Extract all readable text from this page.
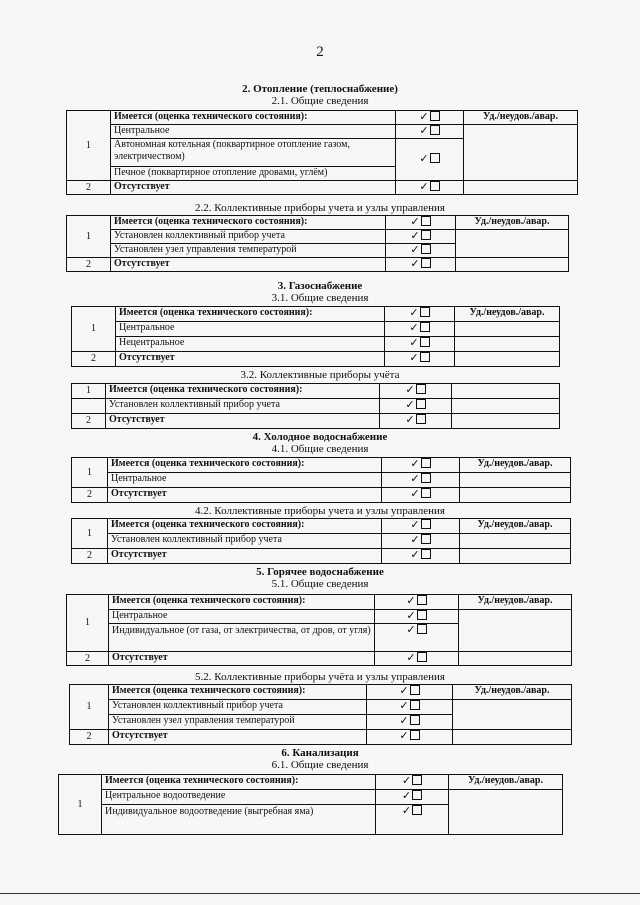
2
2. Отопление (теплоснабжение)
2.1. Общие сведения
1	Имеется (оценка технического состояния):	✓	Уд./неудов./авар.
	Центральное	✓	
	Автономная котельная (поквартирное отопление газом, электричеством)	✓	
	Печное (поквартирное отопление дровами, углём)		
2	Отсутствует	✓	
2.2. Коллективные приборы учета и узлы управления
1	Имеется (оценка технического состояния):	✓	Уд./неудов./авар.
	Установлен коллективный прибор учета	✓	
	Установлен узел управления температурой	✓	
2	Отсутствует	✓	
3. Газоснабжение
3.1. Общие сведения
1	Имеется (оценка технического состояния):	✓	Уд./неудов./авар.
	Центральное	✓	
	Нецентральное	✓	
2	Отсутствует	✓	
3.2. Коллективные приборы учёта
1	Имеется (оценка технического состояния):	✓	
	Установлен коллективный прибор учета	✓	
2	Отсутствует	✓	
4. Холодное водоснабжение
4.1. Общие сведения
1	Имеется (оценка технического состояния):	✓	Уд./неудов./авар.
	Центральное	✓	
2	Отсутствует	✓	
4.2. Коллективные приборы учета и узлы управления
1	Имеется (оценка технического состояния):	✓	Уд./неудов./авар.
	Установлен коллективный прибор учета	✓	
2	Отсутствует	✓	
5. Горячее водоснабжение
5.1. Общие сведения
1	Имеется (оценка технического состояния):	✓	Уд./неудов./авар.
	Центральное	✓	
	Индивидуальное (от газа, от электричества, от дров, от угля)	✓	
2	Отсутствует	✓	
5.2. Коллективные приборы учёта и узлы управления
1	Имеется (оценка технического состояния):	✓	Уд./неудов./авар.
	Установлен коллективный прибор учета	✓	
	Установлен узел управления температурой	✓	
2	Отсутствует	✓	
6. Канализация
6.1. Общие сведения
1	Имеется (оценка технического состояния):	✓	Уд./неудов./авар.
	Центральное водоотведение	✓	
	Индивидуальное водоотведение (выгребная яма)	✓	
